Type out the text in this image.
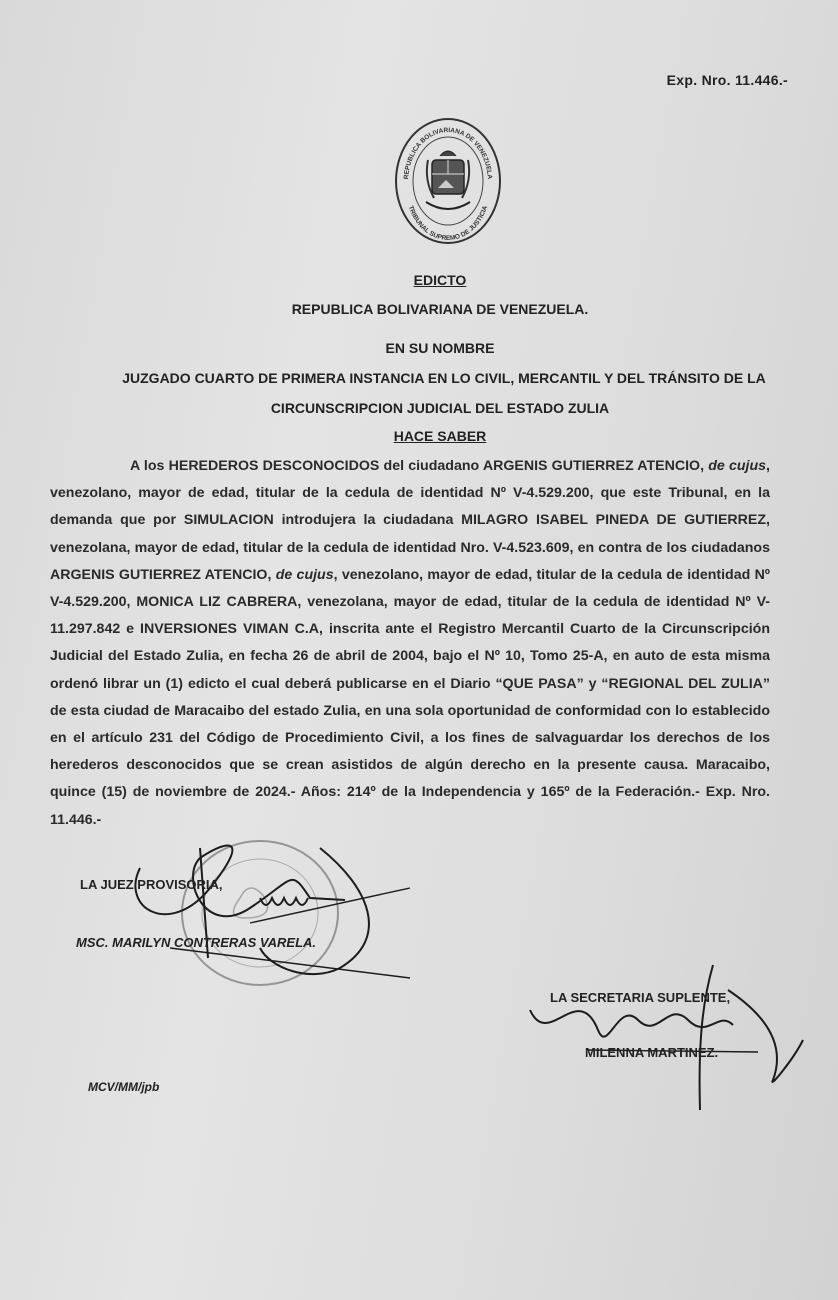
Exp. Nro. 11.446.-
REPUBLICA BOLIVARIANA DE VENEZUELA
TRIBUNAL SUPREMO DE JUSTICIA
EDICTO
REPUBLICA BOLIVARIANA DE VENEZUELA.
EN SU NOMBRE
JUZGADO CUARTO DE PRIMERA INSTANCIA EN LO CIVIL, MERCANTIL Y DEL TRÁNSITO DE LA
CIRCUNSCRIPCION JUDICIAL DEL ESTADO ZULIA
HACE SABER

A los HEREDEROS DESCONOCIDOS del ciudadano ARGENIS GUTIERREZ ATENCIO, de cujus, venezolano, mayor de edad, titular de la cedula de identidad Nº V-4.529.200, que este Tribunal, en la demanda que por SIMULACION introdujera la ciudadana MILAGRO ISABEL PINEDA DE GUTIERREZ, venezolana, mayor de edad, titular de la cedula de identidad Nro. V-4.523.609, en contra de los ciudadanos ARGENIS GUTIERREZ ATENCIO, de cujus, venezolano, mayor de edad, titular de la cedula de identidad Nº V-4.529.200, MONICA LIZ CABRERA, venezolana, mayor de edad, titular de la cedula de identidad Nº V-11.297.842 e INVERSIONES VIMAN C.A, inscrita ante el Registro Mercantil Cuarto de la Circunscripción Judicial del Estado Zulia, en fecha 26 de abril de 2004, bajo el Nº 10, Tomo 25-A, en auto de esta misma ordenó librar un (1) edicto el cual deberá publicarse en el Diario “QUE PASA” y “REGIONAL DEL ZULIA” de esta ciudad de Maracaibo del estado Zulia, en una sola oportunidad de conformidad con lo establecido en el artículo 231 del Código de Procedimiento Civil, a los fines de salvaguardar los derechos de los herederos desconocidos que se crean asistidos de algún derecho en la presente causa. Maracaibo, quince (15) de noviembre de 2024.- Años: 214º de la Independencia y 165º de la Federación.- Exp. Nro. 11.446.-

LA JUEZ PROVISORIA,
MSC. MARILYN CONTRERAS VARELA.
LA SECRETARIA SUPLENTE,
MILENNA MARTINEZ.
MCV/MM/jpb
